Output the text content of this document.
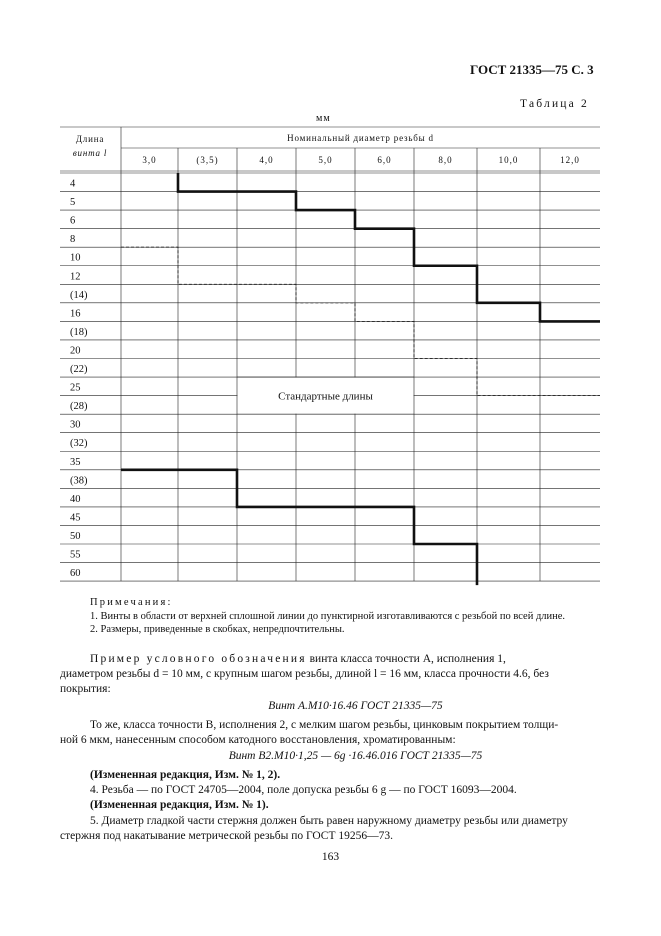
ГОСТ 21335—75 С. 3
Таблица 2
мм
Длина
винта l
Номинальный диаметр резьбы d
3,0	(3,5)	4,0	5,0	6,0	8,0	10,0	12,0
4
5
6
8
10
12
(14)
16
(18)
20
(22)
25
(28)
30
(32)
35
(38)
40
45
50
55
60
Стандартные длины
Примечания:
1. Винты в области от верхней сплошной линии до пунктирной изготавливаются с резьбой по всей длине.
2. Размеры, приведенные в скобках, непредпочтительны.
Пример условного обозначения винта класса точности А, исполнения 1,
диаметром резьбы d = 10 мм, с крупным шагом резьбы, длиной l = 16 мм, класса прочности 4.6, без
покрытия:
Винт А.М10·16.46 ГОСТ 21335—75
То же, класса точности В, исполнения 2, с мелким шагом резьбы, цинковым покрытием толщи-
ной 6 мкм, нанесенным способом катодного восстановления, хроматированным:
Винт В2.М10·1,25 — 6g ·16.46.016 ГОСТ 21335—75
(Измененная редакция, Изм. № 1, 2).
4. Резьба — по ГОСТ 24705—2004, поле допуска резьбы 6 g — по ГОСТ 16093—2004.
(Измененная редакция, Изм. № 1).
5. Диаметр гладкой части стержня должен быть равен наружному диаметру резьбы или диаметру
стержня под накатывание метрической резьбы по ГОСТ 19256—73.
163
